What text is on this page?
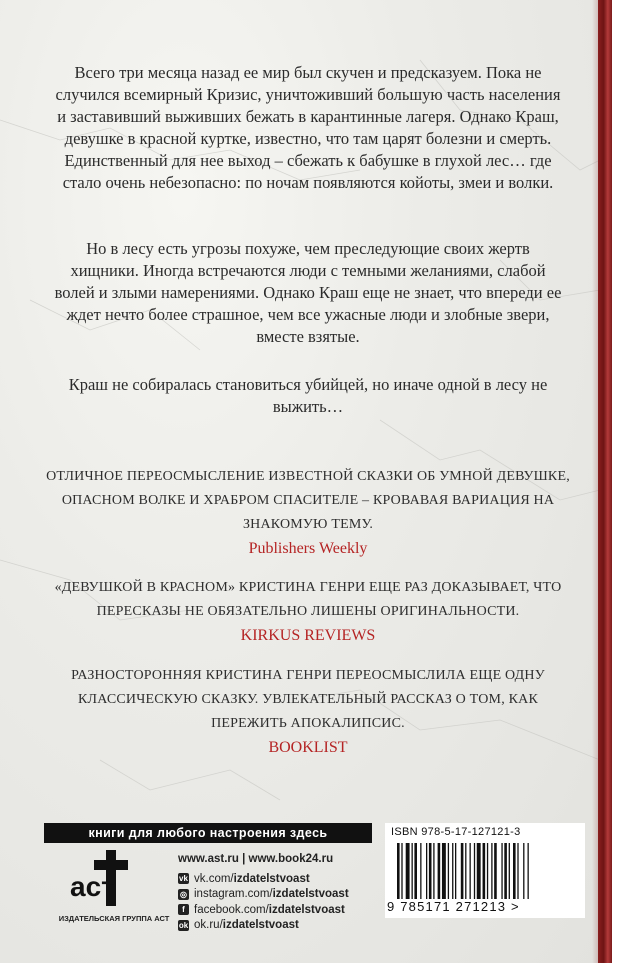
Всего три месяца назад ее мир был скучен и предсказуем. Пока не случился всемирный Кризис, уничтоживший большую часть населения и заставивший выживших бежать в карантинные лагеря. Однако Краш, девушке в красной куртке, известно, что там царят болезни и смерть. Единственный для нее выход – сбежать к бабушке в глухой лес… где стало очень небезопасно: по ночам появляются койоты, змеи и волки.

Но в лесу есть угрозы похуже, чем преследующие своих жертв хищники. Иногда встречаются люди с темными желаниями, слабой волей и злыми намерениями. Однако Краш еще не знает, что впереди ее ждет нечто более страшное, чем все ужасные люди и злобные звери, вместе взятые.

Краш не собиралась становиться убийцей, но иначе одной в лесу не выжить…

ОТЛИЧНОЕ ПЕРЕОСМЫСЛЕНИЕ ИЗВЕСТНОЙ СКАЗКИ ОБ УМНОЙ ДЕВУШКЕ, ОПАСНОМ ВОЛКЕ И ХРАБРОМ СПАСИТЕЛЕ – КРОВАВАЯ ВАРИАЦИЯ НА ЗНАКОМУЮ ТЕМУ.

Publishers Weekly

«ДЕВУШКОЙ В КРАСНОМ» КРИСТИНА ГЕНРИ ЕЩЕ РАЗ ДОКАЗЫВАЕТ, ЧТО ПЕРЕСКАЗЫ НЕ ОБЯЗАТЕЛЬНО ЛИШЕНЫ ОРИГИНАЛЬНОСТИ.

KIRKUS REVIEWS

РАЗНОСТОРОННЯЯ КРИСТИНА ГЕНРИ ПЕРЕОСМЫСЛИЛА ЕЩЕ ОДНУ КЛАССИЧЕСКУЮ СКАЗКУ. УВЛЕКАТЕЛЬНЫЙ РАССКАЗ О ТОМ, КАК ПЕРЕЖИТЬ АПОКАЛИПСИС.

BOOKLIST

книги для любого настроения здесь
аст
ИЗДАТЕЛЬСКАЯ ГРУППА АСТ
www.ast.ru | www.book24.ru
vk vk.com/ izdatelstvoast
◎ instagram.com/ izdatelstvoast
f facebook.com/ izdatelstvoast
ok ok.ru/ izdatelstvoast
ISBN 978-5-17-127121-3
9 785171 271213 >
